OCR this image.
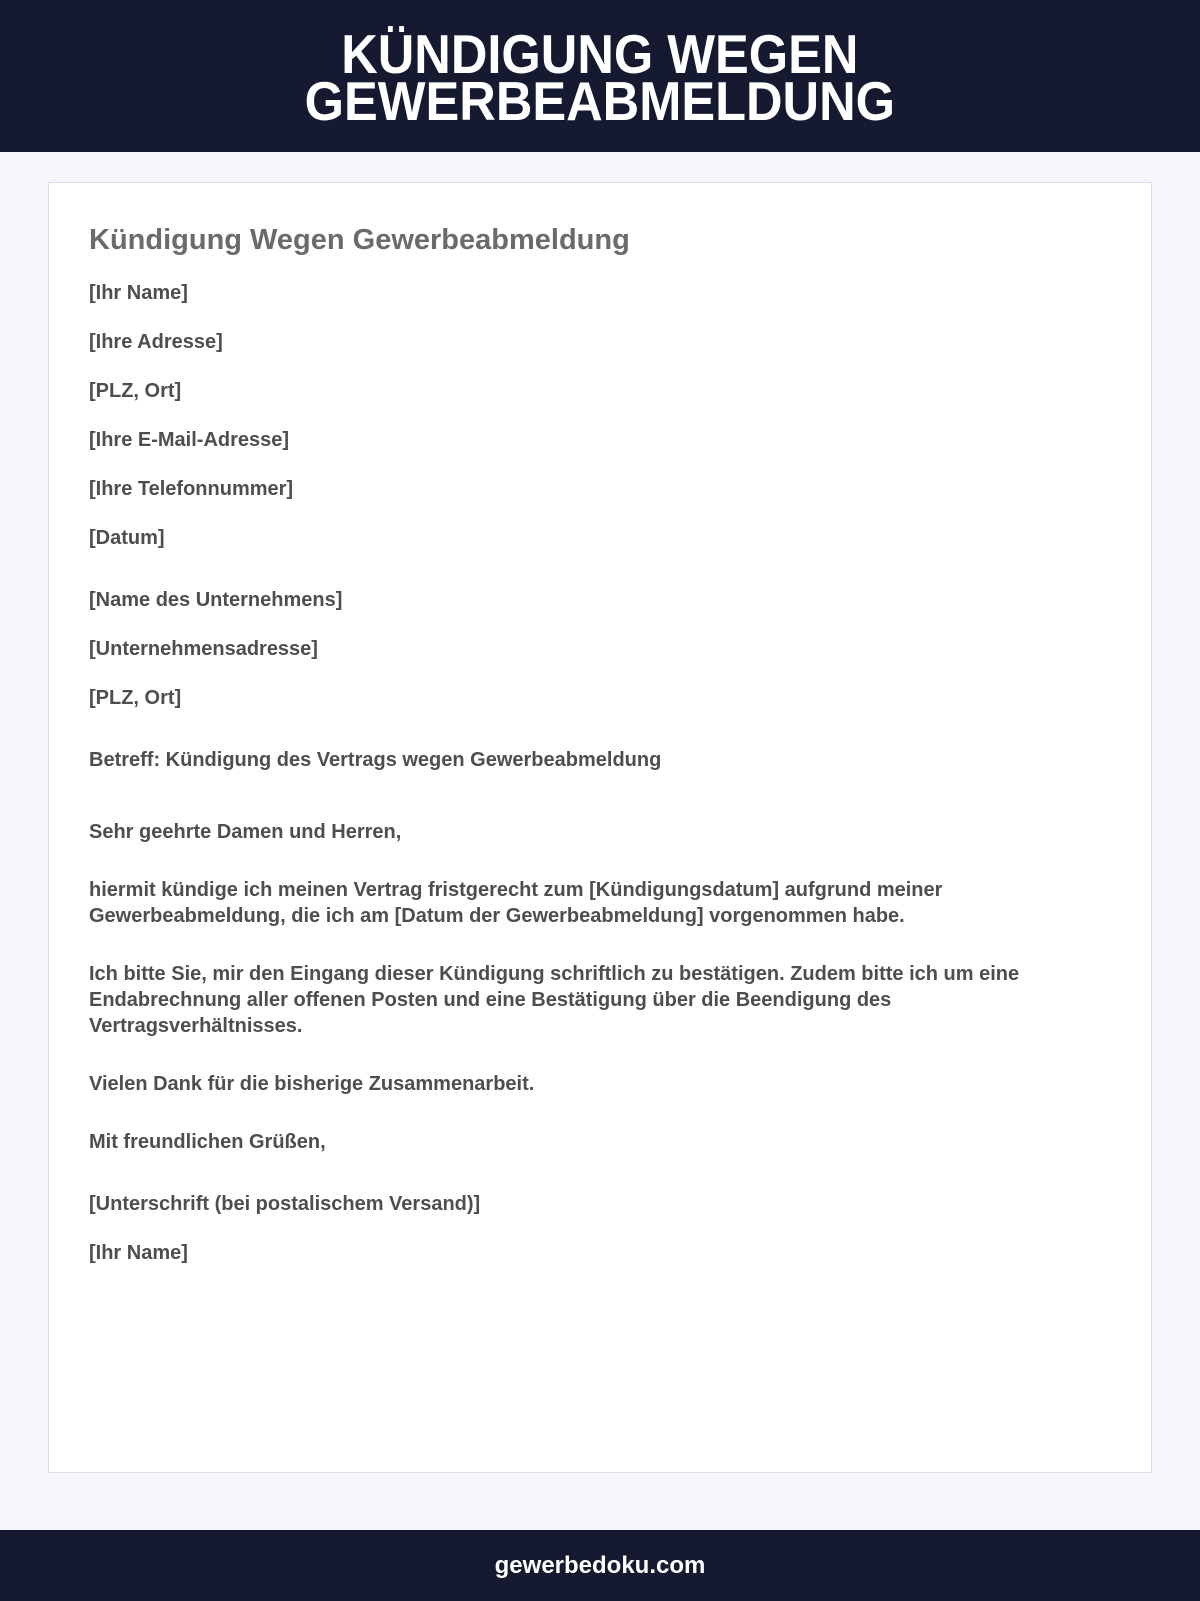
KÜNDIGUNG WEGEN
GEWERBEABMELDUNG
Kündigung Wegen Gewerbeabmeldung

[Ihr Name]

[Ihre Adresse]

[PLZ, Ort]

[Ihre E-Mail-Adresse]

[Ihre Telefonnummer]

[Datum]

[Name des Unternehmens]

[Unternehmensadresse]

[PLZ, Ort]

Betreff: Kündigung des Vertrags wegen Gewerbeabmeldung

Sehr geehrte Damen und Herren,

hiermit kündige ich meinen Vertrag fristgerecht zum [Kündigungsdatum] aufgrund meiner
Gewerbeabmeldung, die ich am [Datum der Gewerbeabmeldung] vorgenommen habe.

Ich bitte Sie, mir den Eingang dieser Kündigung schriftlich zu bestätigen. Zudem bitte ich um eine
Endabrechnung aller offenen Posten und eine Bestätigung über die Beendigung des
Vertragsverhältnisses.

Vielen Dank für die bisherige Zusammenarbeit.

Mit freundlichen Grüßen,

[Unterschrift (bei postalischem Versand)]

[Ihr Name]

gewerbedoku.com
